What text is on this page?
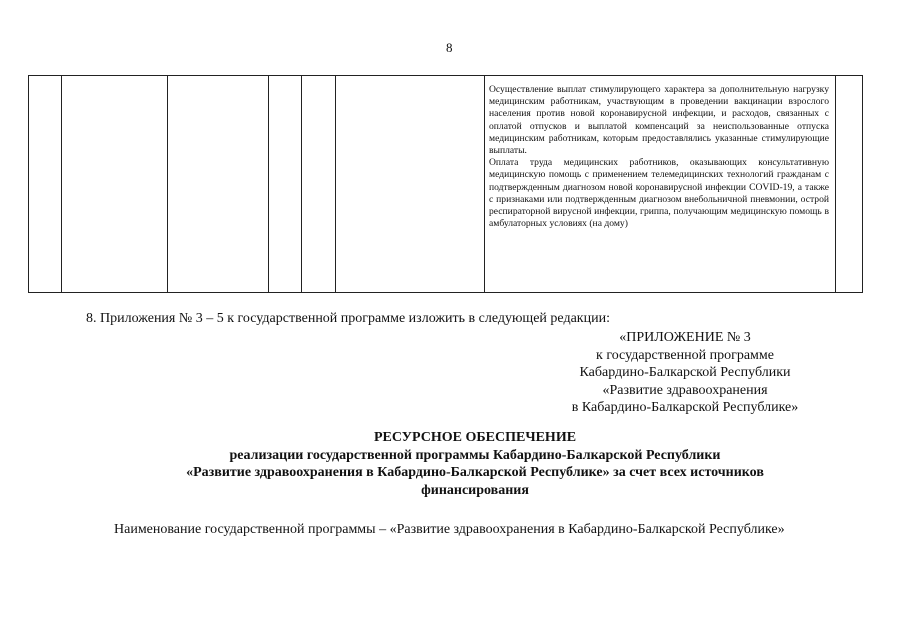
8

Осуществление выплат стимулирующего характера за дополнительную нагрузку медицинским работникам, участвующим в проведении вакцинации взрослого населения против новой коронавирусной инфекции, и расходов, связанных с оплатой отпусков и выплатой компенсаций за неиспользованные отпуска медицинским работникам, которым предоставлялись указанные стимулирующие выплаты.

Оплата труда медицинских работников, оказывающих консультативную медицинскую помощь с применением телемедицинских технологий гражданам с подтвержденным диагнозом новой коронавирусной инфекции COVID-19, а также с признаками или подтвержденным диагнозом внебольничной пневмонии, острой респираторной вирусной инфекции, гриппа, получающим медицинскую помощь в амбулаторных условиях (на дому)

8. Приложения № 3 – 5 к государственной программе изложить в следующей редакции:
«ПРИЛОЖЕНИЕ № 3
к государственной программе
Кабардино-Балкарской Республики
«Развитие здравоохранения
в Кабардино-Балкарской Республике»
РЕСУРСНОЕ ОБЕСПЕЧЕНИЕ
реализации государственной программы Кабардино-Балкарской Республики
«Развитие здравоохранения в Кабардино-Балкарской Республике» за счет всех источников
финансирования
Наименование государственной программы – «Развитие здравоохранения в Кабардино-Балкарской Республике»
